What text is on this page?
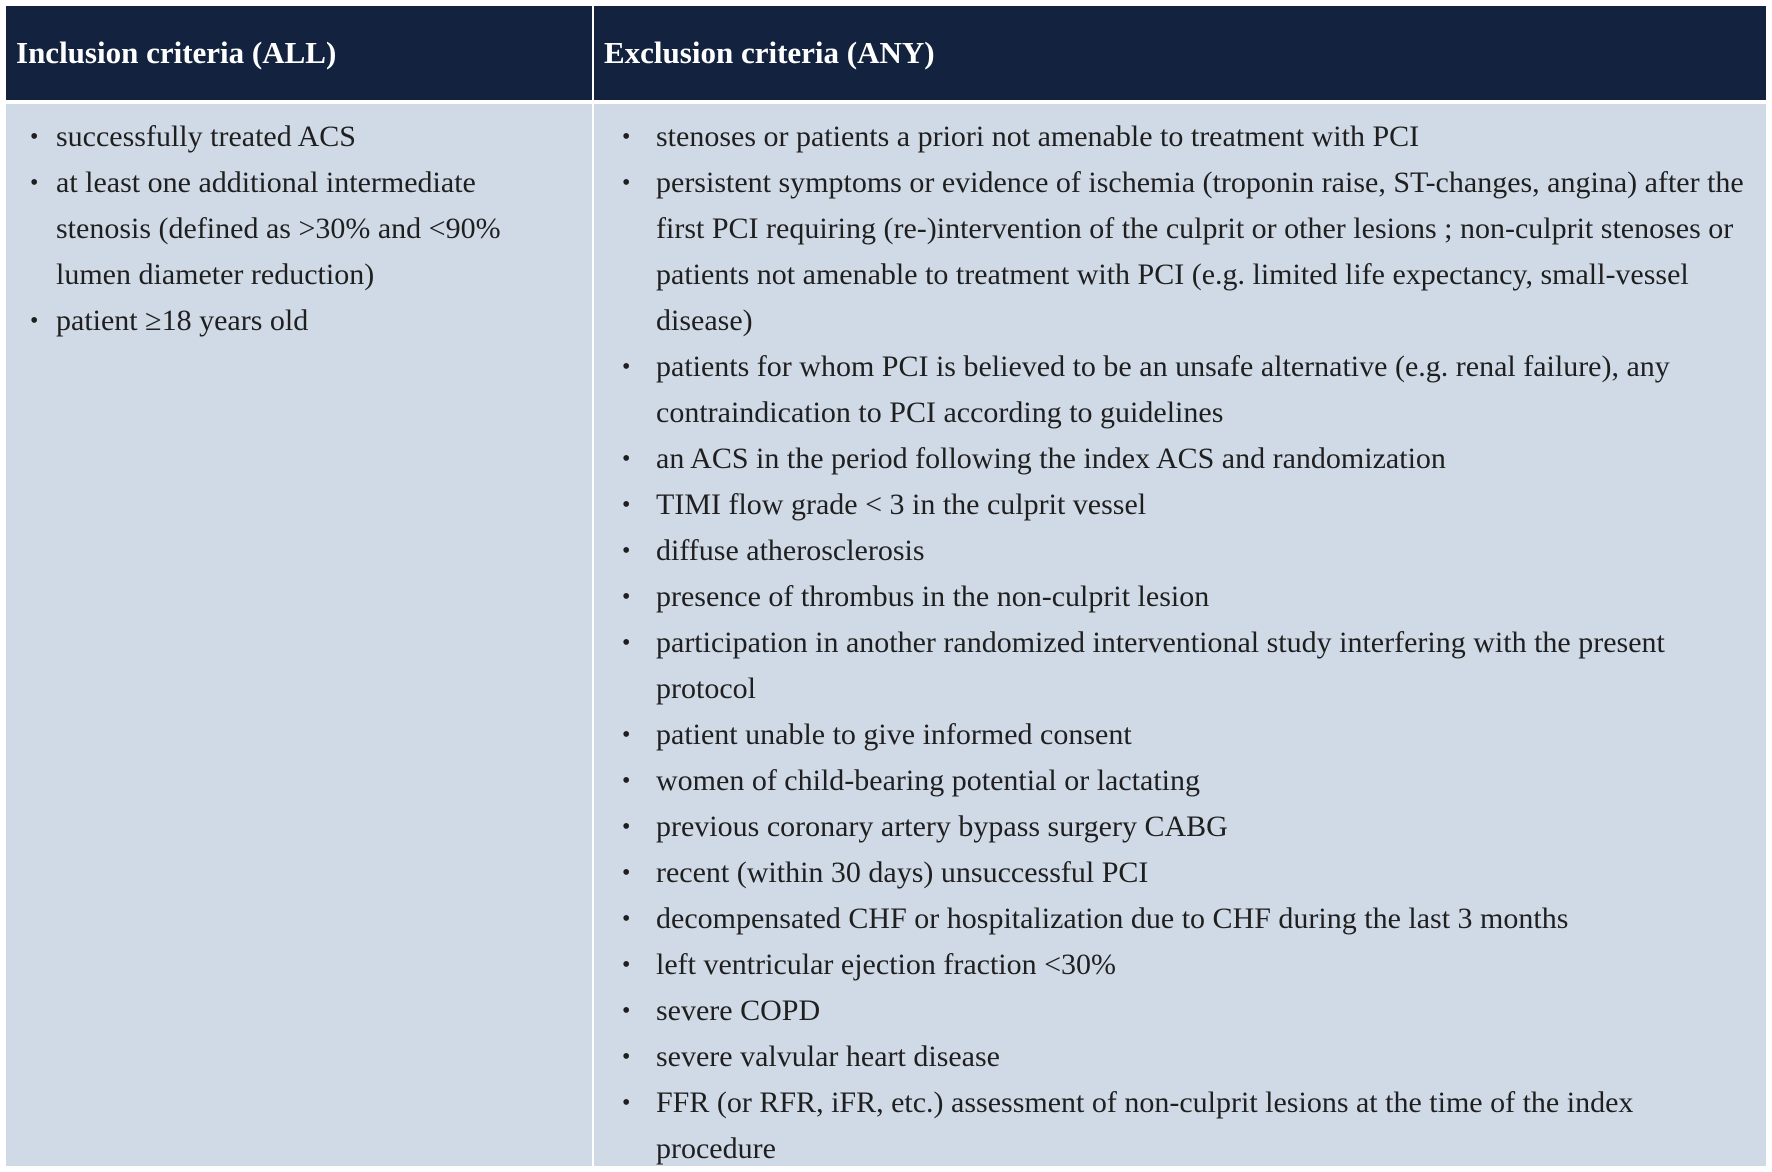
Inclusion criteria (ALL)	Exclusion criteria (ANY)
• successfully treated ACS
• at least one additional intermediate stenosis (defined as >30% and <90% lumen diameter reduction)
• patient ≥18 years old
• stenoses or patients a priori not amenable to treatment with PCI
• persistent symptoms or evidence of ischemia (troponin raise, ST-changes, angina) after the first PCI requiring (re-)intervention of the culprit or other lesions ; non-culprit stenoses or patients not amenable to treatment with PCI (e.g. limited life expectancy, small-vessel disease)
• patients for whom PCI is believed to be an unsafe alternative (e.g. renal failure), any contraindication to PCI according to guidelines
• an ACS in the period following the index ACS and randomization
• TIMI flow grade < 3 in the culprit vessel
• diffuse atherosclerosis
• presence of thrombus in the non-culprit lesion
• participation in another randomized interventional study interfering with the present protocol
• patient unable to give informed consent
• women of child-bearing potential or lactating
• previous coronary artery bypass surgery CABG
• recent (within 30 days) unsuccessful PCI
• decompensated CHF or hospitalization due to CHF during the last 3 months
• left ventricular ejection fraction <30%
• severe COPD
• severe valvular heart disease
• FFR (or RFR, iFR, etc.) assessment of non-culprit lesions at the time of the index procedure
